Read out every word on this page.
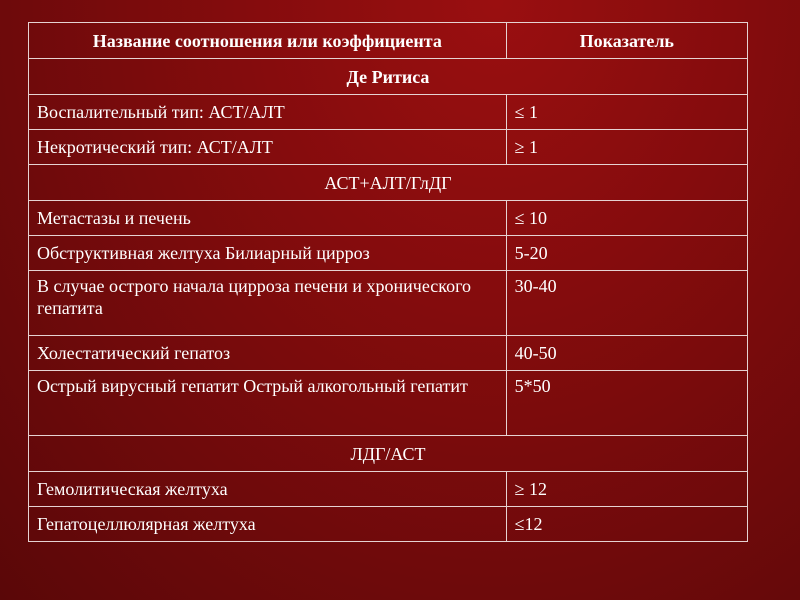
Название соотношения или коэффициента	Показатель
Де Ритиса	
Воспалительный тип: АСТ/АЛТ	≤ 1
Некротический тип: АСТ/АЛТ	≥ 1
АСТ+АЛТ/ГлДГ	
Метастазы и печень	≤ 10
Обструктивная желтуха Билиарный цирроз	5-20
В случае острого начала цирроза печени и хронического гепатита	30-40
Холестатический гепатоз	40-50
Острый вирусный гепатит Острый алкогольный гепатит	5*50
ЛДГ/АСТ	
Гемолитическая желтуха	≥ 12
Гепатоцеллюлярная желтуха	≤12
